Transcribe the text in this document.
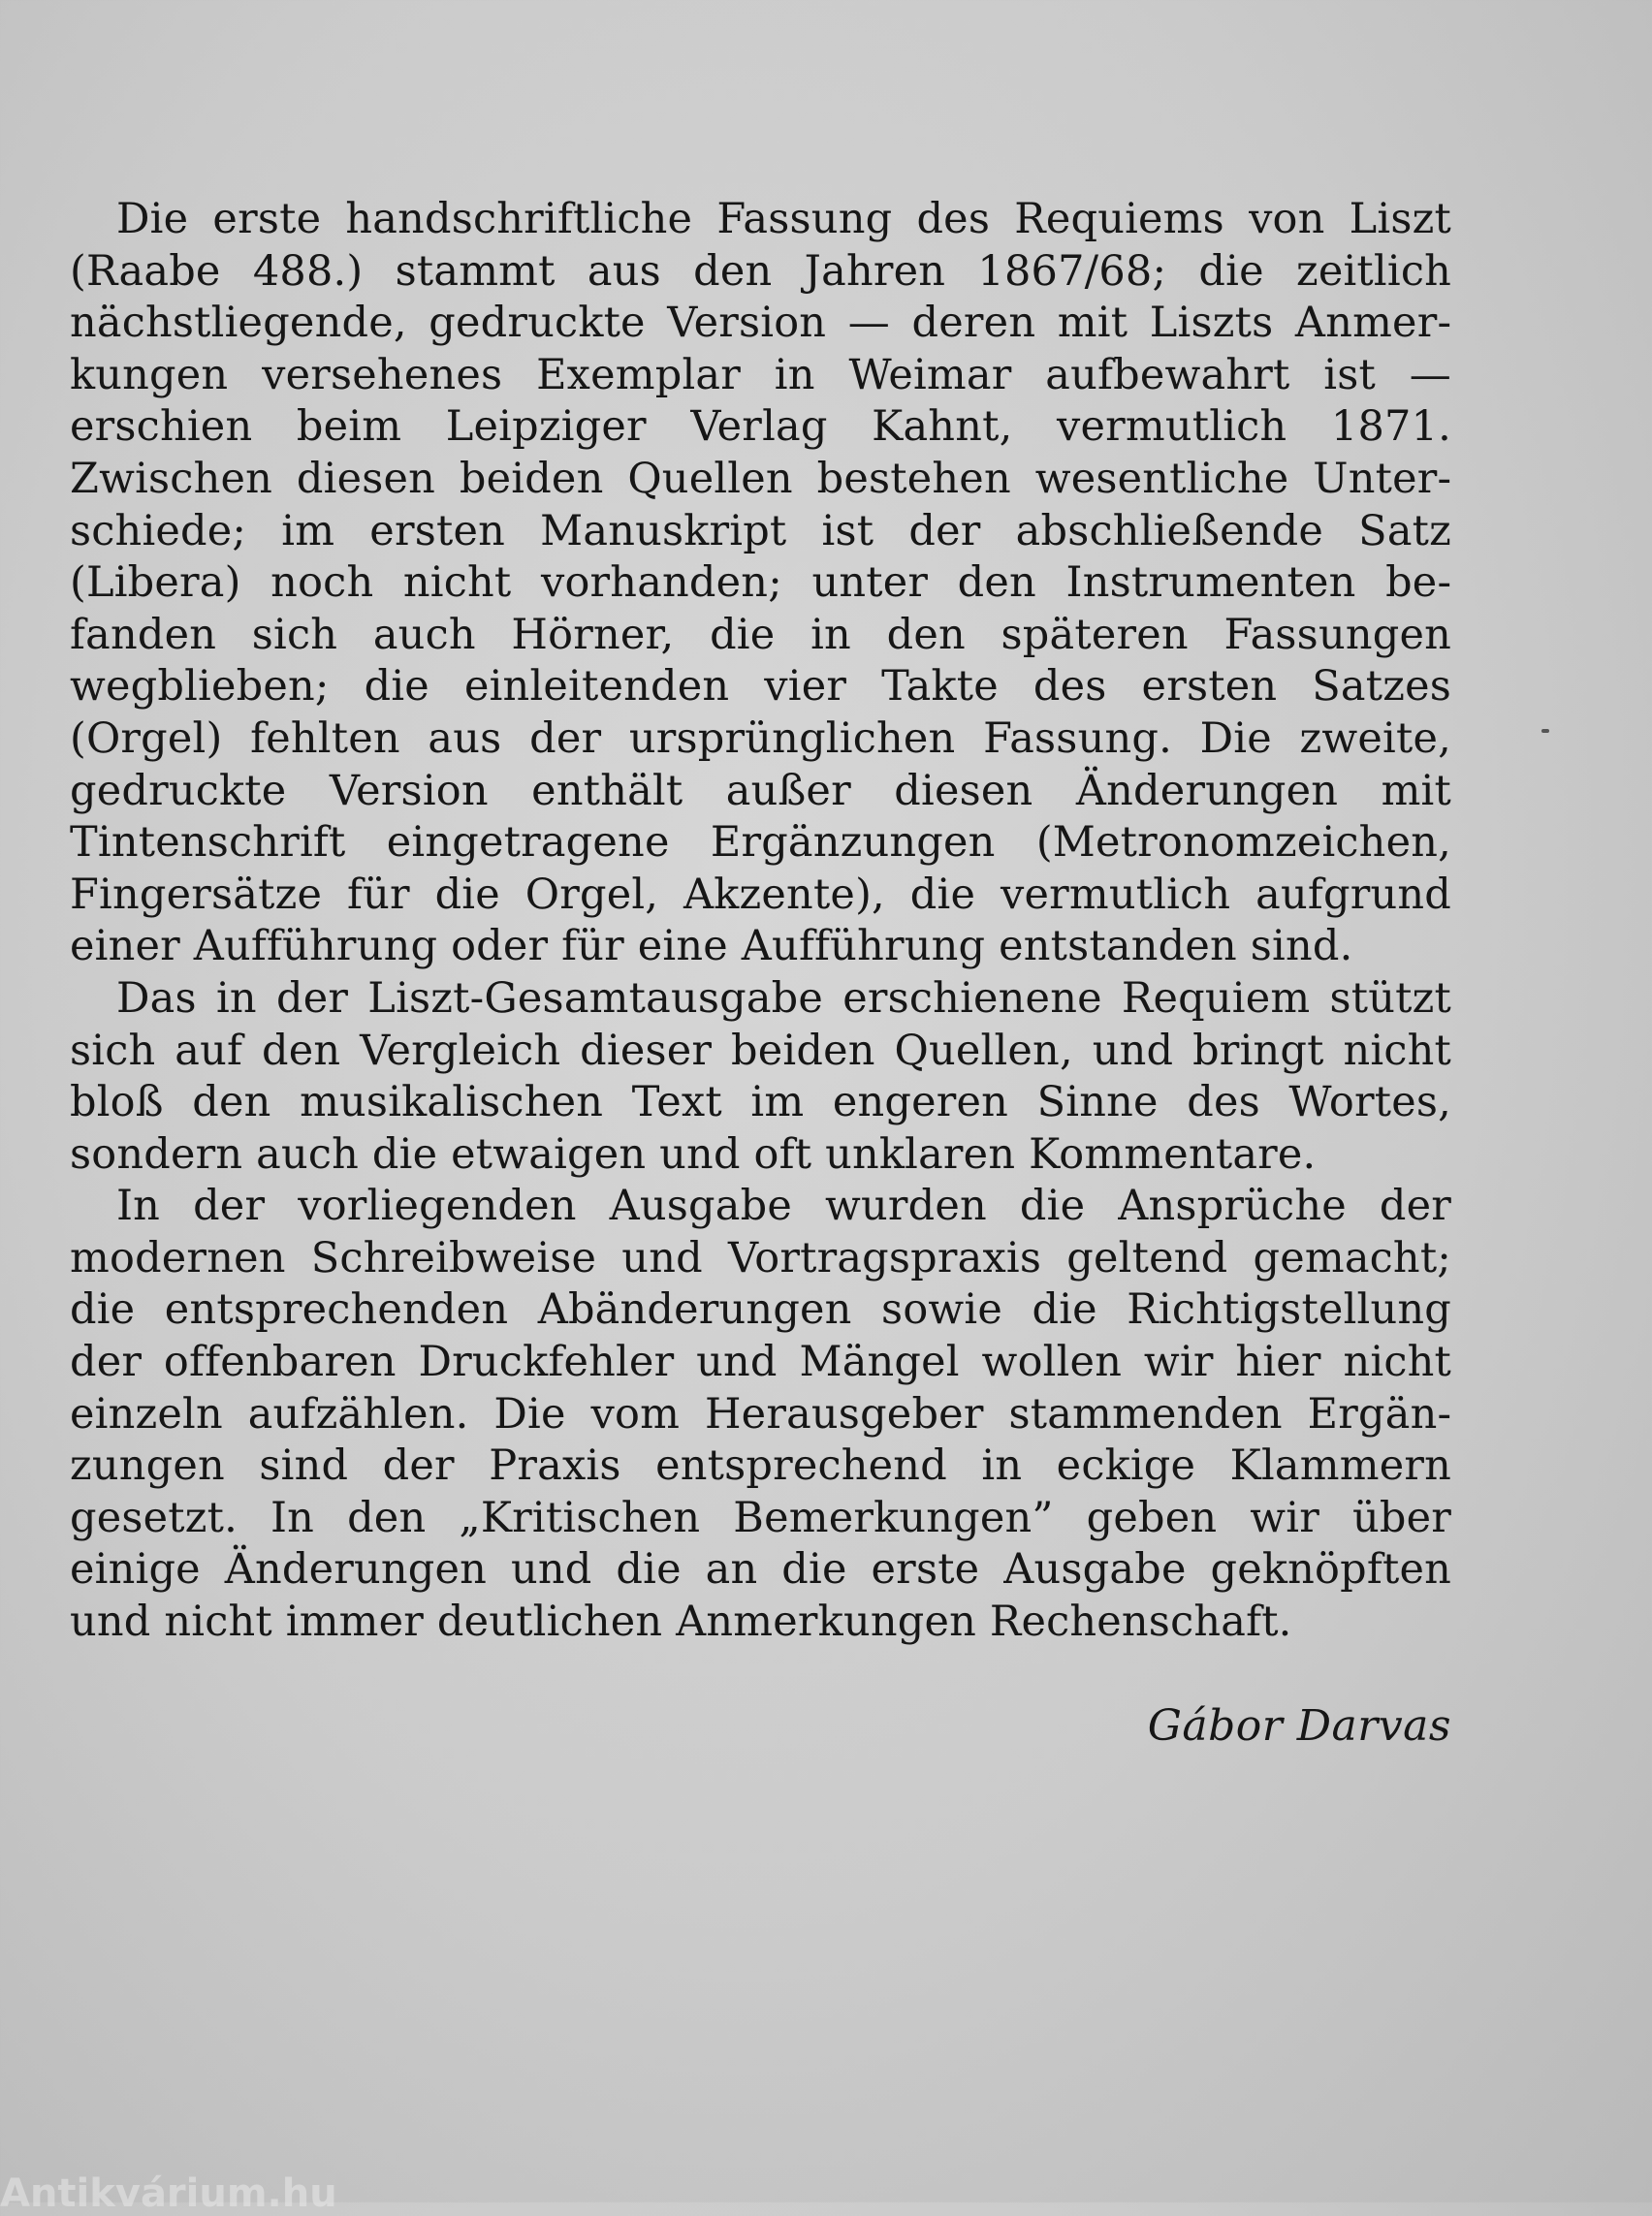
Die erste handschriftliche Fassung des Requiems von Liszt (Raabe 488.) stammt aus den Jahren 1867/68; die zeitlich nächstliegende, gedruckte Version — deren mit Liszts Anmerkungen versehenes Exemplar in Weimar aufbewahrt ist — erschien beim Leipziger Verlag Kahnt, vermutlich 1871. Zwischen diesen beiden Quellen bestehen wesentliche Unterschiede; im ersten Manuskript ist der abschließende Satz (Libera) noch nicht vorhanden; unter den Instrumenten befanden sich auch Hörner, die in den späteren Fassungen wegblieben; die einleitenden vier Takte des ersten Satzes (Orgel) fehlten aus der ursprünglichen Fassung. Die zweite, gedruckte Version enthält außer diesen Änderungen mit Tintenschrift eingetragene Ergänzungen (Metronomzeichen, Fingersätze für die Orgel, Akzente), die vermutlich aufgrund einer Aufführung oder für eine Aufführung entstanden sind.

Das in der Liszt-Gesamtausgabe erschienene Requiem stützt sich auf den Vergleich dieser beiden Quellen, und bringt nicht bloß den musikalischen Text im engeren Sinne des Wortes, sondern auch die etwaigen und oft unklaren Kommentare.

In der vorliegenden Ausgabe wurden die Ansprüche der modernen Schreibweise und Vortragspraxis geltend gemacht; die entsprechenden Abänderungen sowie die Richtigstellung der offenbaren Druckfehler und Mängel wollen wir hier nicht einzeln aufzählen. Die vom Herausgeber stammenden Ergänzungen sind der Praxis entsprechend in eckige Klammern gesetzt. In den „Kritischen Bemerkungen” geben wir über einige Änderungen und die an die erste Ausgabe geknöpften und nicht immer deutlichen Anmerkungen Rechenschaft.

Gábor Darvas

Antikvárium.hu
